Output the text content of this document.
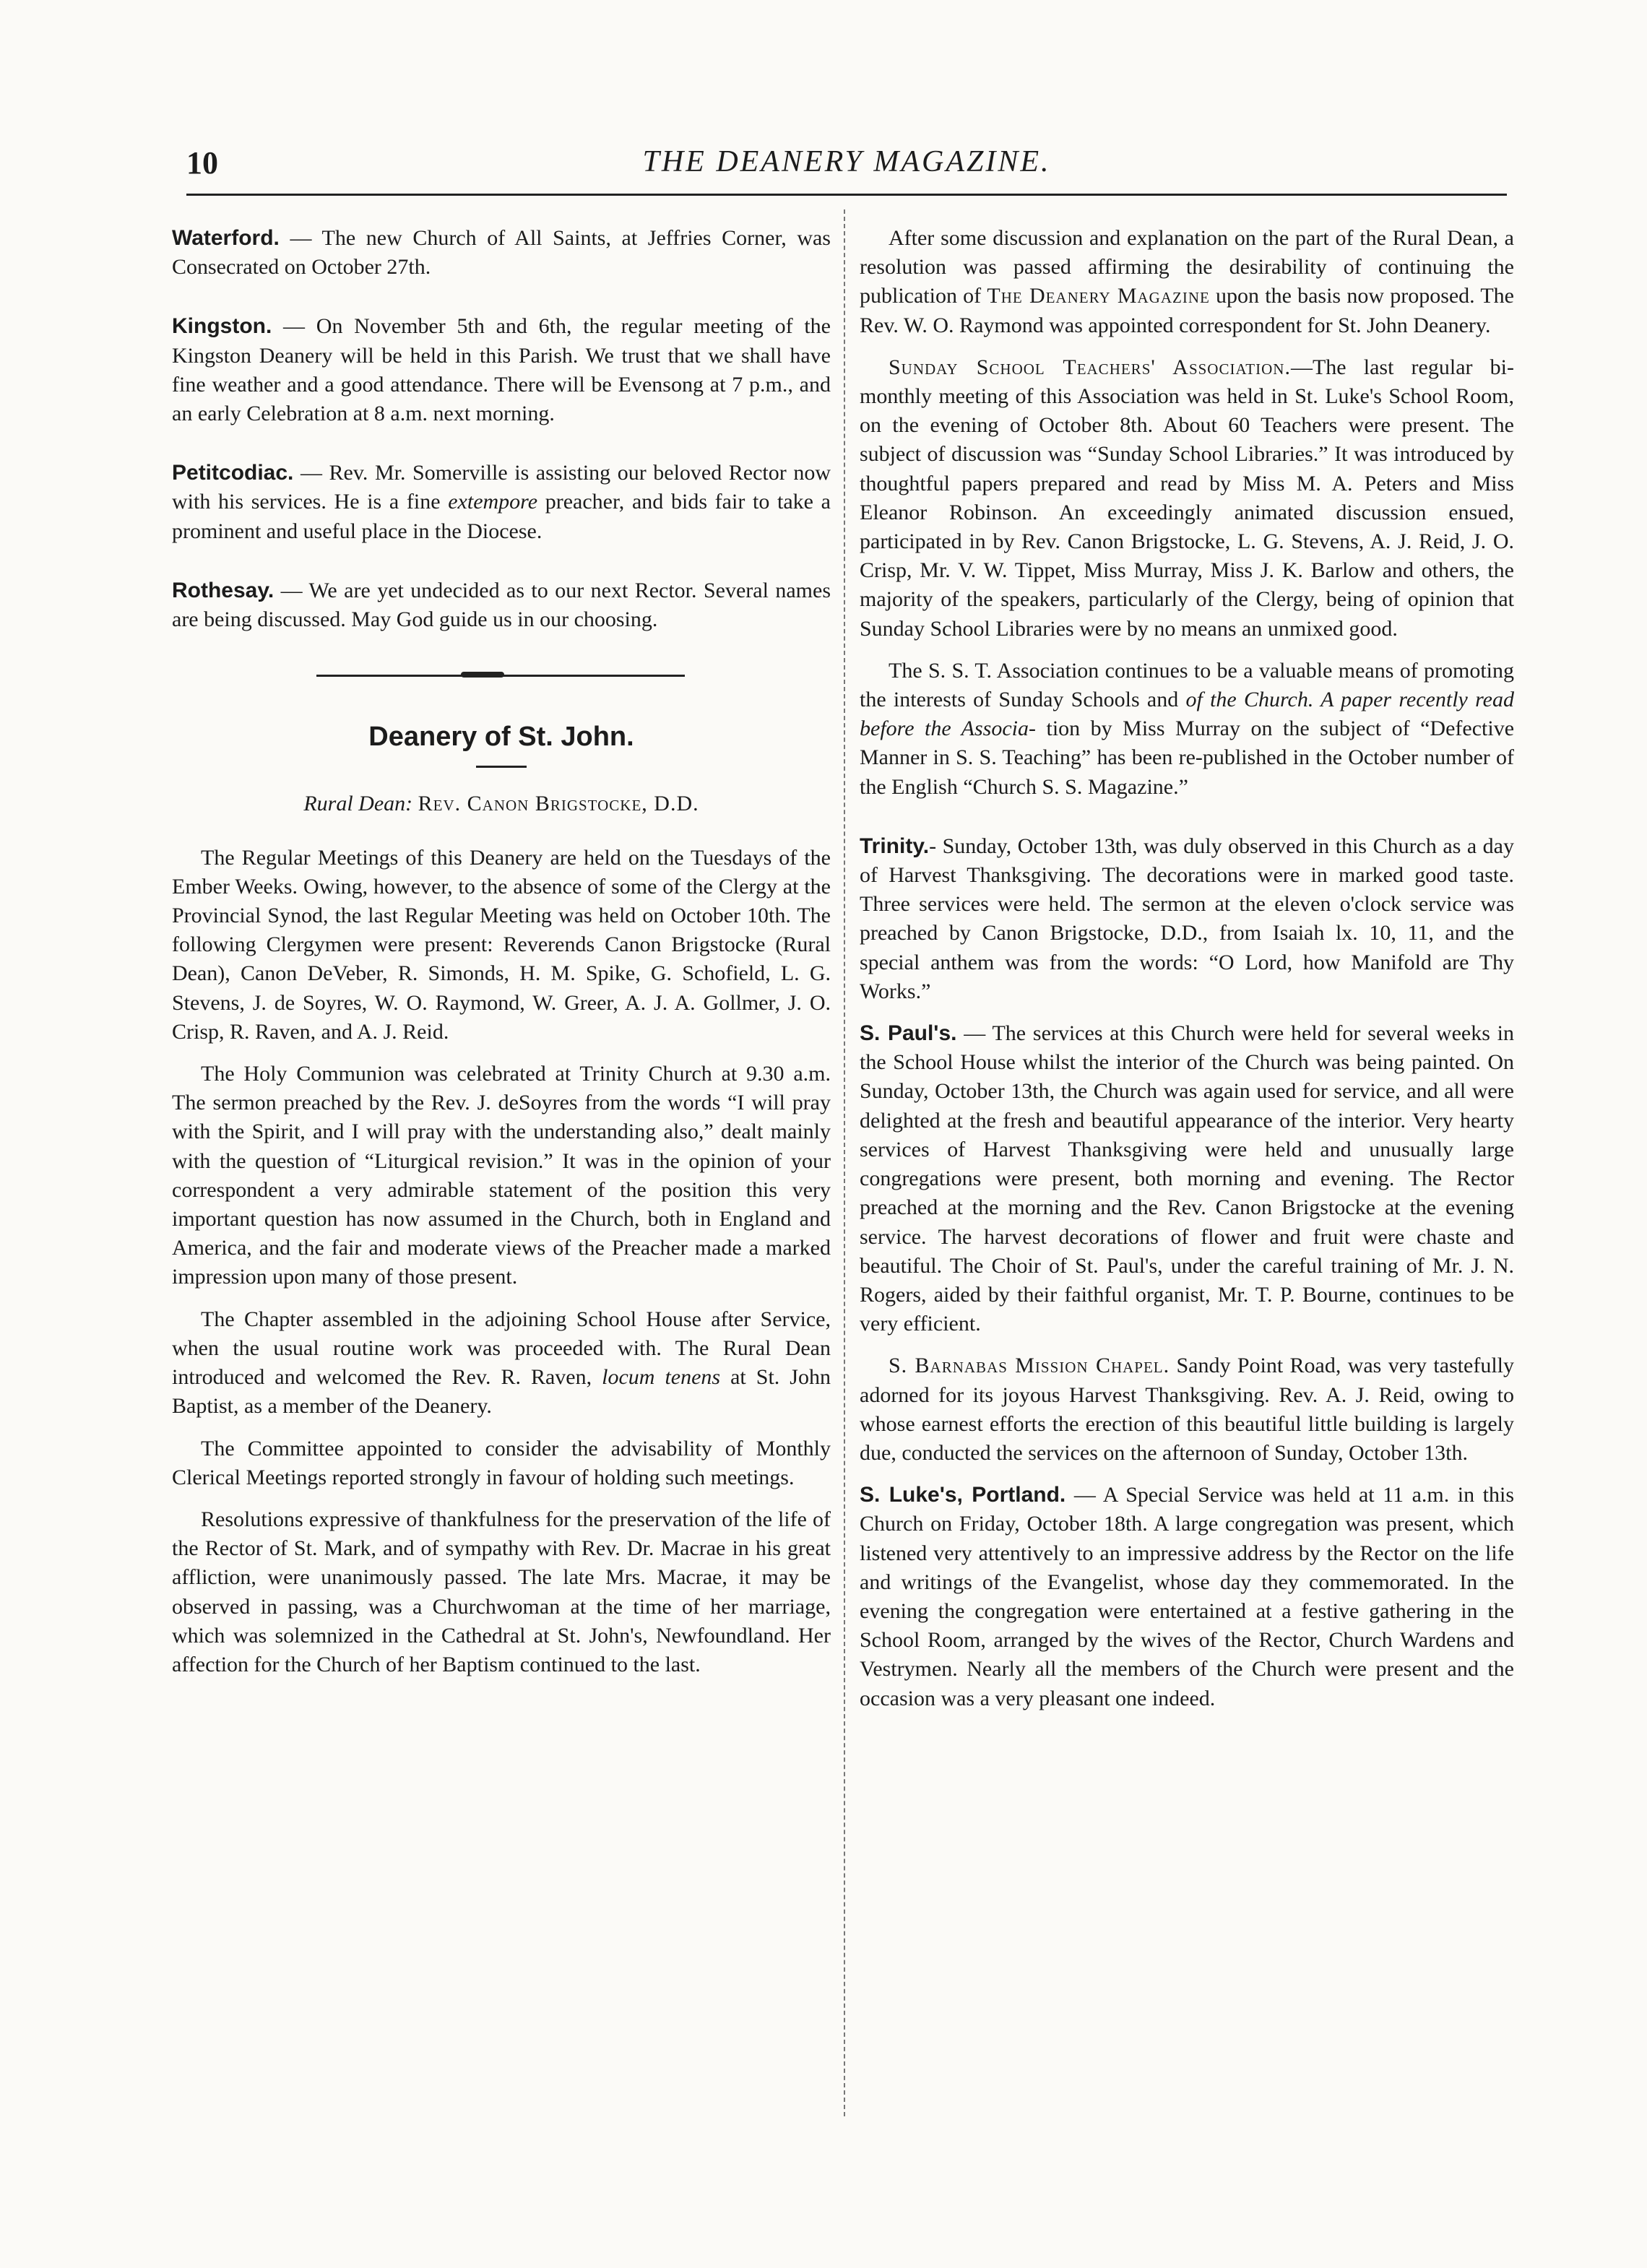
10	THE DEANERY MAGAZINE.

Waterford. — The new Church of All Saints, at Jeffries Corner, was Consecrated on October 27th.

Kingston. — On November 5th and 6th, the regular meeting of the Kingston Deanery will be held in this Parish. We trust that we shall have fine weather and a good attendance. There will be Evensong at 7 p.m., and an early Celebration at 8 a.m. next morning.

Petitcodiac. — Rev. Mr. Somerville is assisting our beloved Rector now with his services. He is a fine extempore preacher, and bids fair to take a prominent and useful place in the Diocese.

Rothesay. — We are yet undecided as to our next Rector. Several names are being discussed. May God guide us in our choosing.

Deanery of St. John.
Rural Dean: Rev. Canon Brigstocke, D.D.

The Regular Meetings of this Deanery are held on the Tuesdays of the Ember Weeks. Owing, however, to the absence of some of the Clergy at the Provincial Synod, the last Regular Meeting was held on October 10th. The following Clergymen were present: Reverends Canon Brigstocke (Rural Dean), Canon DeVeber, R. Simonds, H. M. Spike, G. Schofield, L. G. Stevens, J. de Soyres, W. O. Raymond, W. Greer, A. J. A. Gollmer, J. O. Crisp, R. Raven, and A. J. Reid.

The Holy Communion was celebrated at Trinity Church at 9.30 a.m. The sermon preached by the Rev. J. deSoyres from the words “I will pray with the Spirit, and I will pray with the understanding also,” dealt mainly with the question of “Liturgical revision.” It was in the opinion of your correspondent a very admirable statement of the position this very important question has now assumed in the Church, both in England and America, and the fair and moderate views of the Preacher made a marked impression upon many of those present.

The Chapter assembled in the adjoining School House after Service, when the usual routine work was proceeded with. The Rural Dean introduced and welcomed the Rev. R. Raven, locum tenens at St. John Baptist, as a member of the Deanery.

The Committee appointed to consider the advisability of Monthly Clerical Meetings reported strongly in favour of holding such meetings.

Resolutions expressive of thankfulness for the preservation of the life of the Rector of St. Mark, and of sympathy with Rev. Dr. Macrae in his great affliction, were unanimously passed. The late Mrs. Macrae, it may be observed in passing, was a Churchwoman at the time of her marriage, which was solemnized in the Cathedral at St. John's, Newfoundland. Her affection for the Church of her Baptism continued to the last.

After some discussion and explanation on the part of the Rural Dean, a resolution was passed affirming the desirability of continuing the publication of The Deanery Magazine upon the basis now proposed. The Rev. W. O. Raymond was appointed correspondent for St. John Deanery.

Sunday School Teachers' Association.—The last regular bi-monthly meeting of this Association was held in St. Luke's School Room, on the evening of October 8th. About 60 Teachers were present. The subject of discussion was “Sunday School Libraries.” It was introduced by thoughtful papers prepared and read by Miss M. A. Peters and Miss Eleanor Robinson. An exceedingly animated discussion ensued, participated in by Rev. Canon Brigstocke, L. G. Stevens, A. J. Reid, J. O. Crisp, Mr. V. W. Tippet, Miss Murray, Miss J. K. Barlow and others, the majority of the speakers, particularly of the Clergy, being of opinion that Sunday School Libraries were by no means an unmixed good.

The S. S. T. Association continues to be a valuable means of promoting the interests of Sunday Schools and of the Church. A paper recently read before the Associa- tion by Miss Murray on the subject of “Defective Manner in S. S. Teaching” has been re-published in the October number of the English “Church S. S. Magazine.”

Trinity.- Sunday, October 13th, was duly observed in this Church as a day of Harvest Thanksgiving. The decorations were in marked good taste. Three services were held. The sermon at the eleven o'clock service was preached by Canon Brigstocke, D.D., from Isaiah lx. 10, 11, and the special anthem was from the words: “O Lord, how Manifold are Thy Works.”

S. Paul's. — The services at this Church were held for several weeks in the School House whilst the interior of the Church was being painted. On Sunday, October 13th, the Church was again used for service, and all were delighted at the fresh and beautiful appearance of the interior. Very hearty services of Harvest Thanksgiving were held and unusually large congregations were present, both morning and evening. The Rector preached at the morning and the Rev. Canon Brigstocke at the evening service. The harvest decorations of flower and fruit were chaste and beautiful. The Choir of St. Paul's, under the careful training of Mr. J. N. Rogers, aided by their faithful organist, Mr. T. P. Bourne, continues to be very efficient.

S. Barnabas Mission Chapel. Sandy Point Road, was very tastefully adorned for its joyous Harvest Thanksgiving. Rev. A. J. Reid, owing to whose earnest efforts the erection of this beautiful little building is largely due, conducted the services on the afternoon of Sunday, October 13th.

S. Luke's, Portland. — A Special Service was held at 11 a.m. in this Church on Friday, October 18th. A large congregation was present, which listened very attentively to an impressive address by the Rector on the life and writings of the Evangelist, whose day they commemorated. In the evening the congregation were entertained at a festive gathering in the School Room, arranged by the wives of the Rector, Church Wardens and Vestrymen. Nearly all the members of the Church were present and the occasion was a very pleasant one indeed.
